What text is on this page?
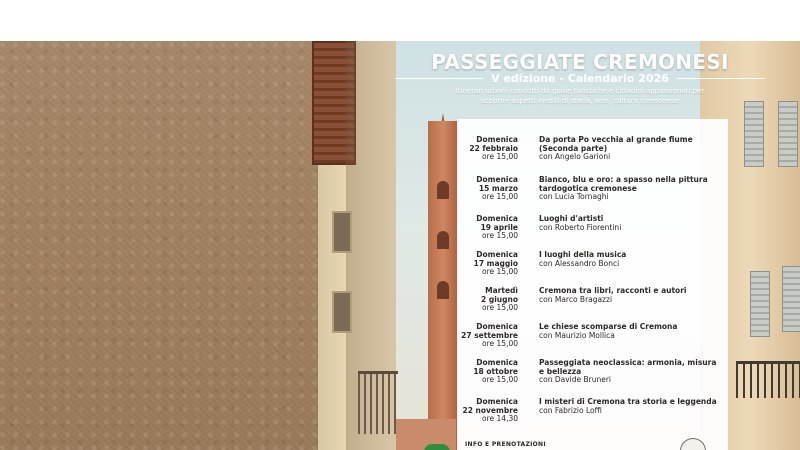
PASSEGGIATE CREMONESI
V edizione - Calendario 2026
Itinerari urbani condotti da guide turistiche e cittadini appassionati per
scoprire aspetti inediti di storia, arte, cultura cremonese
Domenica
22 febbraio
ore 15,00
Da porta Po vecchia al grande fiume (Seconda parte)
con Angelo Garioni
Domenica
15 marzo
ore 15,00
Bianco, blu e oro: a spasso nella pittura tardogotica cremonese
con Lucia Tornaghi
Domenica
19 aprile
ore 15,00
Luoghi d'artisti
con Roberto Fiorentini
Domenica
17 maggio
ore 15,00
I luoghi della musica
con Alessandro Bonci
Martedì
2 giugno
ore 15,00
Cremona tra libri, racconti e autori
con Marco Bragazzi
Domenica
27 settembre
ore 15,00
Le chiese scomparse di Cremona
con Maurizio Mollica
Domenica
18 ottobre
ore 15,00
Passeggiata neoclassica: armonia, misura e bellezza
con Davide Bruneri
Domenica
22 novembre
ore 14,30
I misteri di Cremona tra storia e leggenda
con Fabrizio Loffi
INFO E PRENOTAZIONI
